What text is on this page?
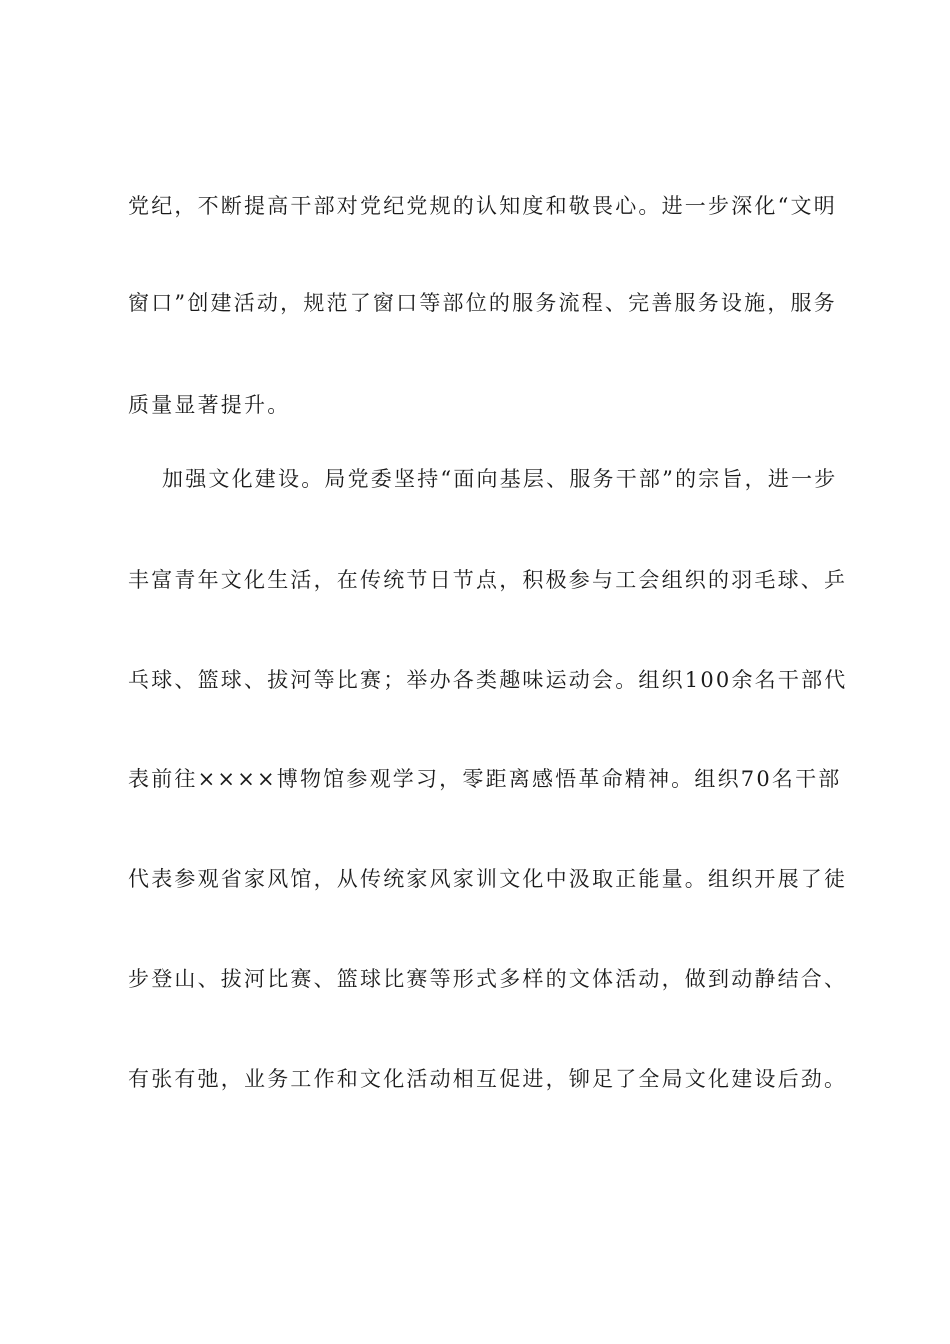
党纪，不断提高干部对党纪党规的认知度和敬畏心。进一步深化“文明
窗口”创建活动，规范了窗口等部位的服务流程、完善服务设施，服务
质量显著提升。
加强文化建设。局党委坚持“面向基层、服务干部”的宗旨，进一步
丰富青年文化生活，在传统节日节点，积极参与工会组织的羽毛球、乒
乓球、篮球、拔河等比赛；举办各类趣味运动会。组织100余名干部代
表前往××××博物馆参观学习，零距离感悟革命精神。组织70名干部
代表参观省家风馆，从传统家风家训文化中汲取正能量。组织开展了徒
步登山、拔河比赛、篮球比赛等形式多样的文体活动，做到动静结合、
有张有弛，业务工作和文化活动相互促进，铆足了全局文化建设后劲。
